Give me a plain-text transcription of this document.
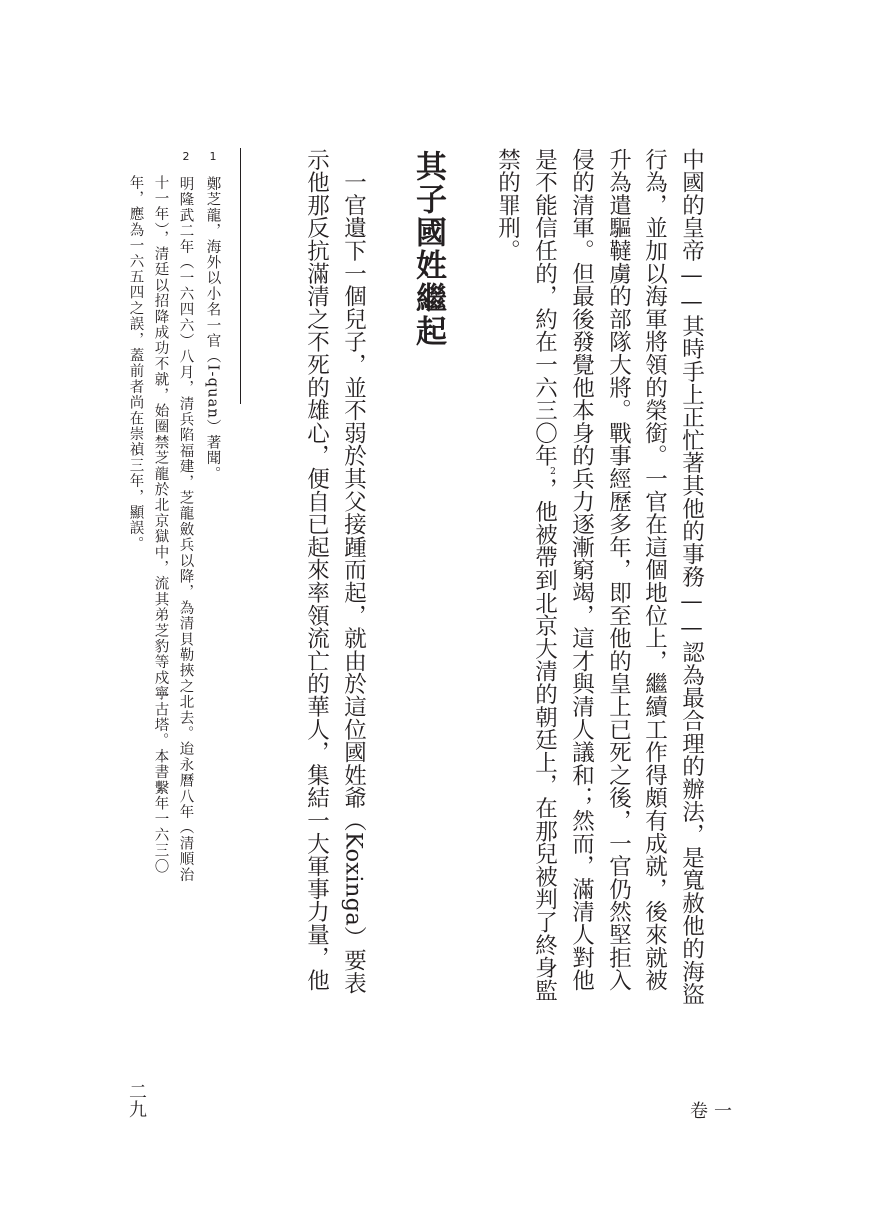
中國的皇帝——其時手上正忙著其他的事務——認為最合理的辦法，是寬赦他的海盜

行為，並加以海軍將領的榮銜。一官在這個地位上，繼續工作得頗有成就，後來就被

升為遣驅韃虜的部隊大將。戰事經歷多年，即至他的皇上已死之後，一官仍然堅拒入

侵的清軍。但最後發覺他本身的兵力逐漸窮竭，這才與清人議和；然而，滿清人對他

是不能信任的，約在一六三〇年$^2$，他被帶到北京大清的朝廷上，在那兒被判了終身監

禁的罪刑。

其子國姓繼起

　一官遺下一個兒子，並不弱於其父接踵而起，就由於這位國姓爺（Koxinga）要表

示他那反抗滿清之不死的雄心，便自已起來率領流亡的華人，集結一大軍事力量，他

1鄭芝龍，海外以小名一官（I-quan）著聞。
2明隆武二年（一六四六）八月，清兵陷福建，芝龍斂兵以降，為清貝勒挾之北去。迨永曆八年（清順治
十一年），清廷以招降成功不就，始圈禁芝龍於北京獄中，流其弟芝豹等戍寧古塔。本書繫年一六三〇
年，應為一六五四之誤，蓋前者尚在崇禎三年，顯誤。
二九	卷一
